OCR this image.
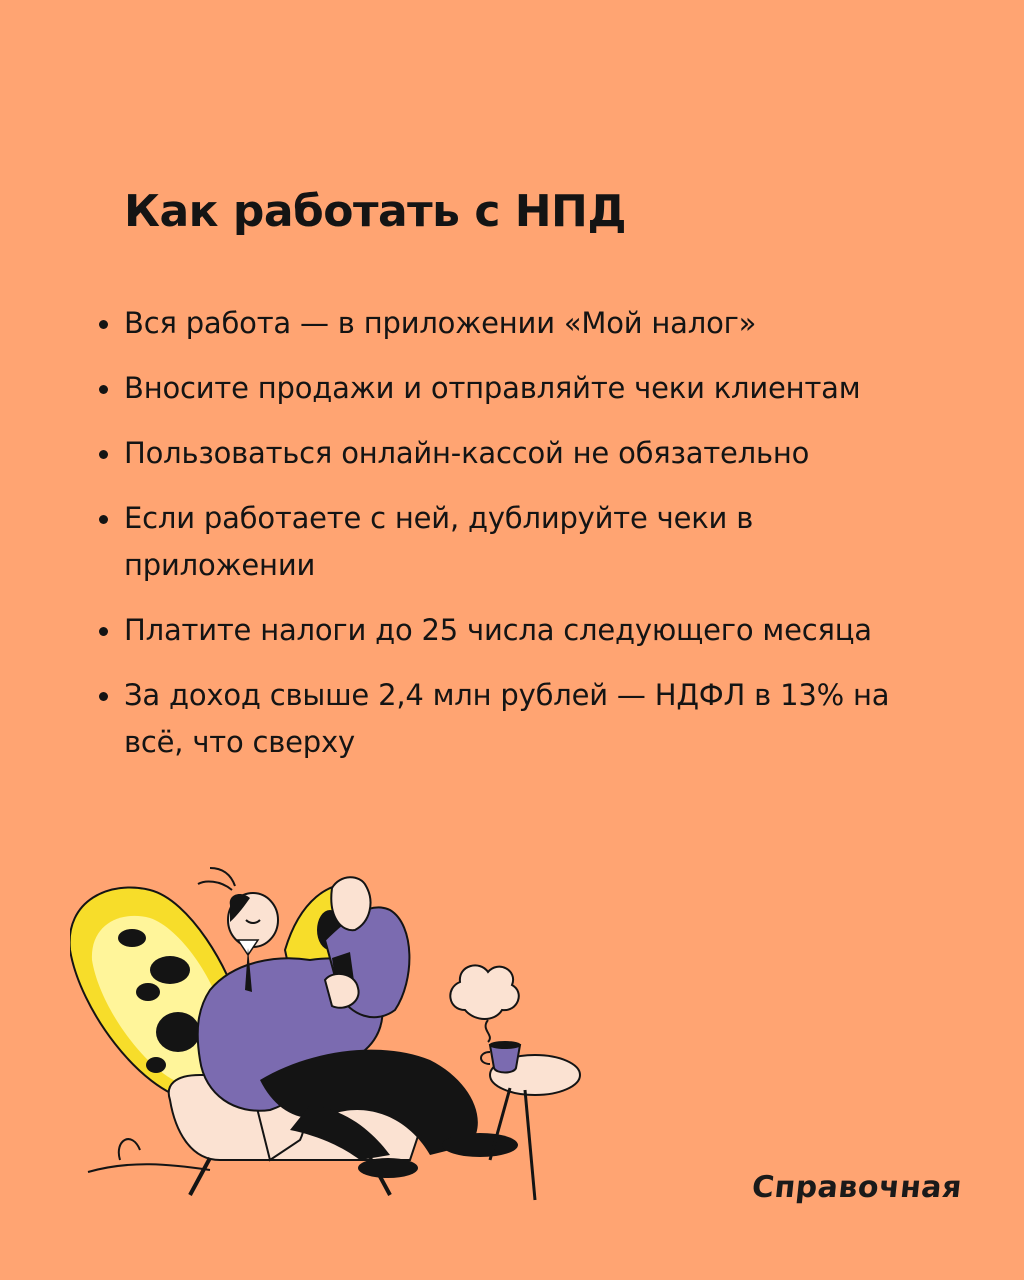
Как работать с НПД
Вся работа — в приложении «Мой налог»
Вносите продажи и отправляйте чеки клиентам
Пользоваться онлайн-кассой не обязательно
Если работаете с ней, дублируйте чеки в приложении
Платите налоги до 25 числа следующего месяца
За доход свыше 2,4 млн рублей — НДФЛ в 13% на всё, что сверху
Справочная
